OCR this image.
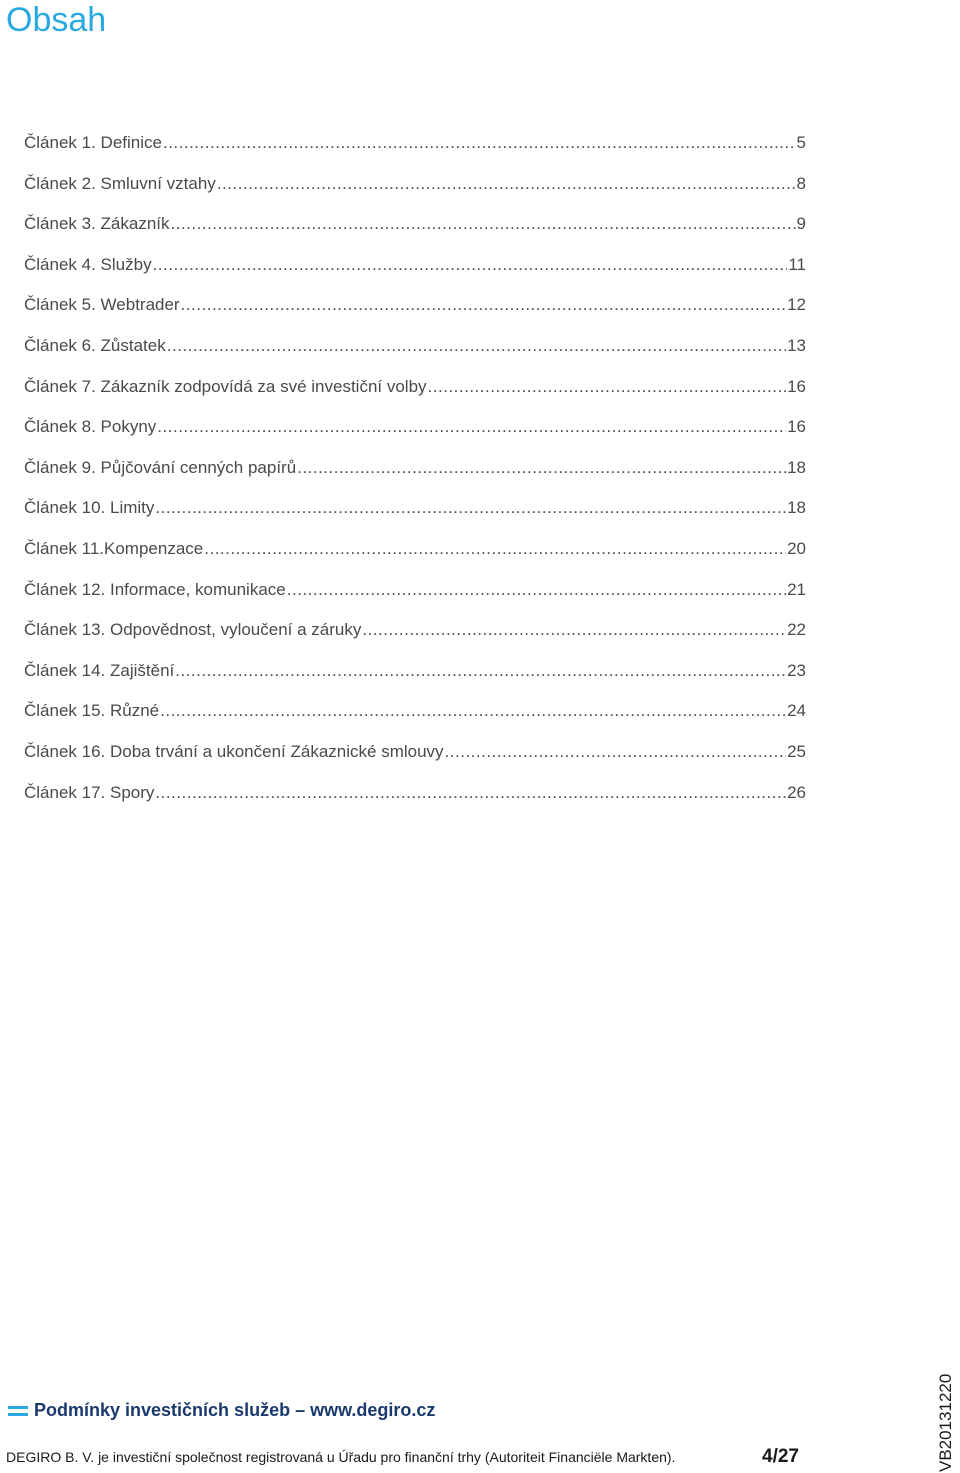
Obsah
Článek 1. Definice .....	5
Článek 2. Smluvní vztahy .....	8
Článek 3. Zákazník .....	9
Článek 4. Služby .....	11
Článek 5. Webtrader .....	12
Článek 6. Zůstatek .....	13
Článek 7. Zákazník zodpovídá za své investiční volby .....	16
Článek 8. Pokyny .....	16
Článek 9. Půjčování cenných papírů .....	18
Článek 10. Limity .....	18
Článek 11.Kompenzace .....	20
Článek 12. Informace, komunikace .....	21
Článek 13. Odpovědnost, vyloučení a záruky .....	22
Článek 14. Zajištění .....	23
Článek 15. Různé .....	24
Článek 16. Doba trvání a ukončení Zákaznické smlouvy .....	25
Článek 17. Spory .....	26
Podmínky investičních služeb – www.degiro.cz
DEGIRO B. V. je investiční společnost registrovaná u Úřadu pro finanční trhy (Autoriteit Financiële Markten).	4/27	VB20131220
